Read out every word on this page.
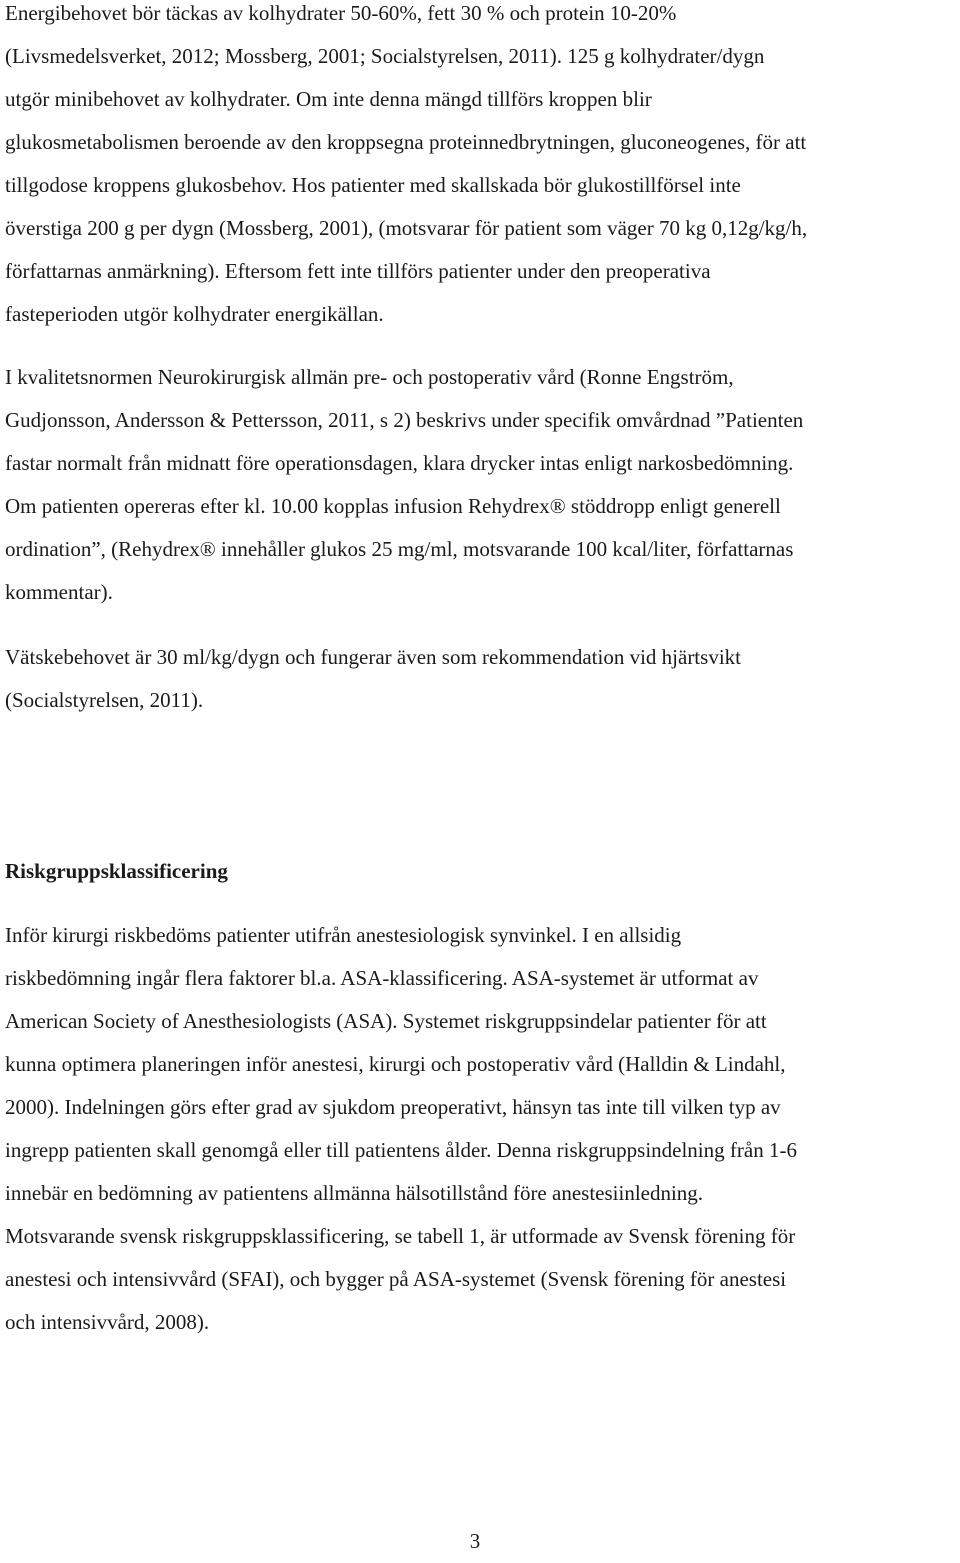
Energibehovet bör täckas av kolhydrater 50-60%, fett 30 % och protein 10-20%
(Livsmedelsverket, 2012; Mossberg, 2001; Socialstyrelsen, 2011). 125 g kolhydrater/dygn
utgör minibehovet av kolhydrater. Om inte denna mängd tillförs kroppen blir
glukosmetabolismen beroende av den kroppsegna proteinnedbrytningen, gluconeogenes, för att
tillgodose kroppens glukosbehov. Hos patienter med skallskada bör glukostillförsel inte
överstiga 200 g per dygn (Mossberg, 2001), (motsvarar för patient som väger 70 kg 0,12g/kg/h,
författarnas anmärkning). Eftersom fett inte tillförs patienter under den preoperativa
fasteperioden utgör kolhydrater energikällan.

I kvalitetsnormen Neurokirurgisk allmän pre- och postoperativ vård (Ronne Engström,
Gudjonsson, Andersson & Pettersson, 2011, s 2) beskrivs under specifik omvårdnad ”Patienten
fastar normalt från midnatt före operationsdagen, klara drycker intas enligt narkosbedömning.
Om patienten opereras efter kl. 10.00 kopplas infusion Rehydrex® stöddropp enligt generell
ordination”, (Rehydrex® innehåller glukos 25 mg/ml, motsvarande 100 kcal/liter, författarnas
kommentar).

Vätskebehovet är 30 ml/kg/dygn och fungerar även som rekommendation vid hjärtsvikt
(Socialstyrelsen, 2011).

Riskgruppsklassificering

Inför kirurgi riskbedöms patienter utifrån anestesiologisk synvinkel. I en allsidig
riskbedömning ingår flera faktorer bl.a. ASA-klassificering. ASA-systemet är utformat av
American Society of Anesthesiologists (ASA). Systemet riskgruppsindelar patienter för att
kunna optimera planeringen inför anestesi, kirurgi och postoperativ vård (Halldin & Lindahl,
2000). Indelningen görs efter grad av sjukdom preoperativt, hänsyn tas inte till vilken typ av
ingrepp patienten skall genomgå eller till patientens ålder. Denna riskgruppsindelning från 1-6
innebär en bedömning av patientens allmänna hälsotillstånd före anestesiinledning.
Motsvarande svensk riskgruppsklassificering, se tabell 1, är utformade av Svensk förening för
anestesi och intensivvård (SFAI), och bygger på ASA-systemet (Svensk förening för anestesi
och intensivvård, 2008).

3
